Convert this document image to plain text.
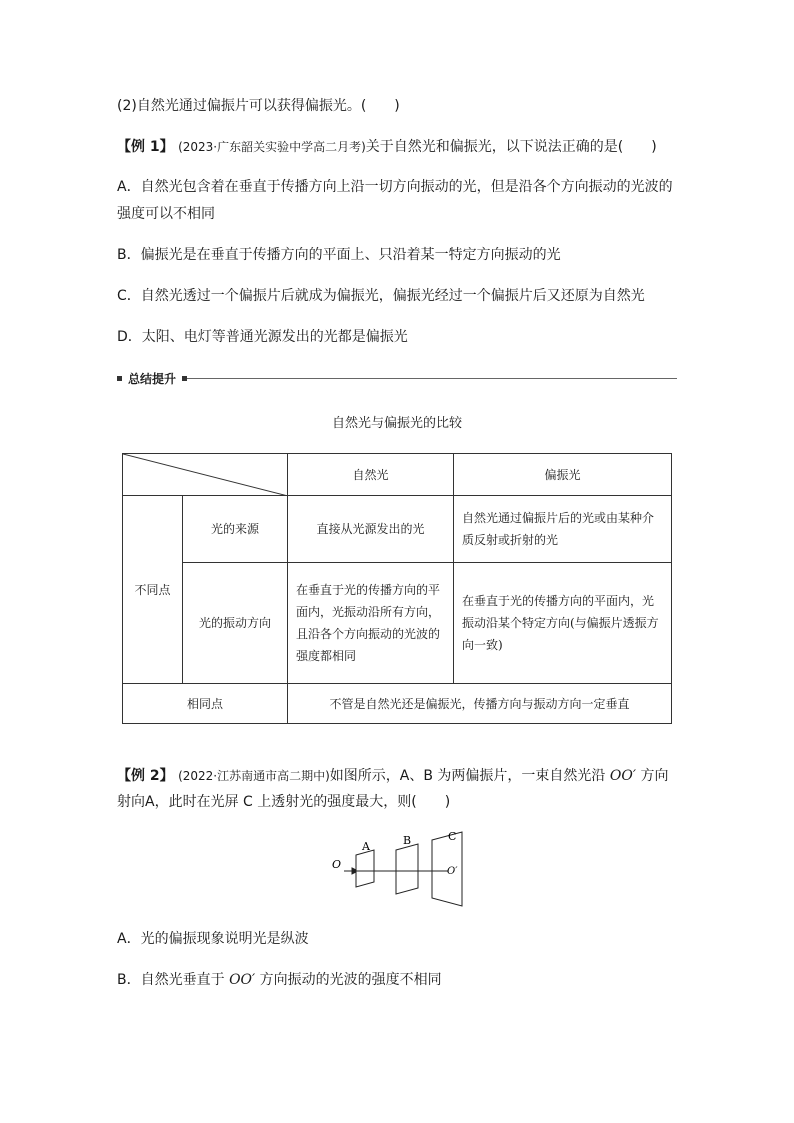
(2)自然光通过偏振片可以获得偏振光。(　　)
【例 1】 (2023·广东韶关实验中学高二月考)关于自然光和偏振光，以下说法正确的是(　　)
A．自然光包含着在垂直于传播方向上沿一切方向振动的光，但是沿各个方向振动的光波的
强度可以不相同
B．偏振光是在垂直于传播方向的平面上、只沿着某一特定方向振动的光
C．自然光透过一个偏振片后就成为偏振光，偏振光经过一个偏振片后又还原为自然光
D．太阳、电灯等普通光源发出的光都是偏振光
总结提升
自然光与偏振光的比较
	自然光	偏振光
不同点	光的来源	直接从光源发出的光	自然光通过偏振片后的光或由某种介质反射或折射的光
	光的振动方向	在垂直于光的传播方向的平面内，光振动沿所有方向，且沿各个方向振动的光波的强度都相同	在垂直于光的传播方向的平面内，光振动沿某个特定方向(与偏振片透振方向一致)
相同点		不管是自然光还是偏振光，传播方向与振动方向一定垂直	
【例 2】 (2022·江苏南通市高二期中)如图所示，A、B 为两偏振片，一束自然光沿 OO′ 方向
射向A，此时在光屏 C 上透射光的强度最大，则(　　)
O
A	B	C
O′
A．光的偏振现象说明光是纵波
B．自然光垂直于 OO′ 方向振动的光波的强度不相同
